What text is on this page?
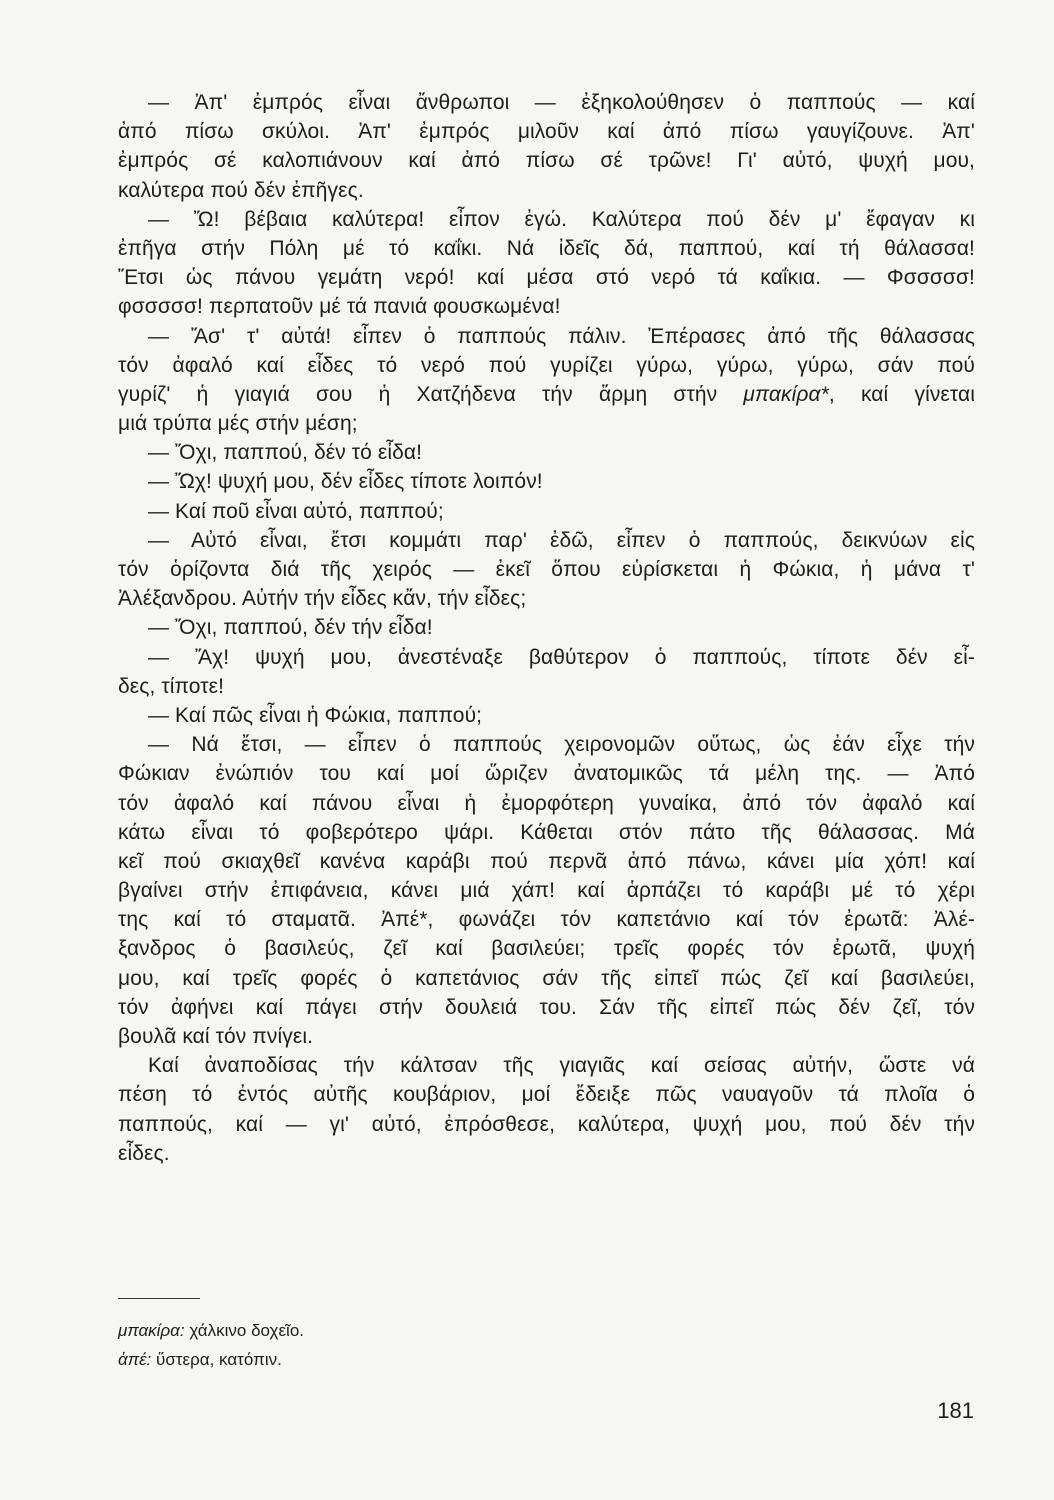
— Ἀπ' ἐμπρός εἶναι ἄνθρωποι — ἐξηκολούθησεν ὁ παππούς — καί
ἀπό πίσω σκύλοι. Ἀπ' ἐμπρός μιλοῦν καί ἀπό πίσω γαυγίζουνε. Ἀπ'
ἐμπρός σέ καλοπιάνουν καί ἀπό πίσω σέ τρῶνε! Γι' αὐτό, ψυχή μου,
καλύτερα πού δέν ἐπῆγες.
— Ὤ! βέβαια καλύτερα! εἶπον ἐγώ. Καλύτερα πού δέν μ' ἔφαγαν κι
ἐπῆγα στήν Πόλη μέ τό καΐκι. Νά ἰδεῖς δά, παππού, καί τή θάλασσα!
Ἔτσι ὡς πάνου γεμάτη νερό! καί μέσα στό νερό τά καΐκια. — Φσσσσσ!
φσσσσσ! περπατοῦν μέ τά πανιά φουσκωμένα!
— Ἄσ' τ' αὐτά! εἶπεν ὁ παππούς πάλιν. Ἐπέρασες ἀπό τῆς θάλασσας
τόν ἀφαλό καί εἶδες τό νερό πού γυρίζει γύρω, γύρω, γύρω, σάν πού
γυρίζ' ἡ γιαγιά σου ἡ Χατζήδενα τήν ἅρμη στήν μπακίρα*, καί γίνεται
μιά τρύπα μές στήν μέση;
— Ὄχι, παππού, δέν τό εἶδα!
— Ὤχ! ψυχή μου, δέν εἶδες τίποτε λοιπόν!
— Καί ποῦ εἶναι αὐτό, παππού;
— Αὐτό εἶναι, ἔτσι κομμάτι παρ' ἐδῶ, εἶπεν ὁ παππούς, δεικνύων εἰς
τόν ὁρίζοντα διά τῆς χειρός — ἐκεῖ ὅπου εὑρίσκεται ἡ Φώκια, ἡ μάνα τ'
Ἀλέξανδρου. Αὐτήν τήν εἶδες κἄν, τήν εἶδες;
— Ὄχι, παππού, δέν τήν εἶδα!
— Ἄχ! ψυχή μου, ἀνεστέναξε βαθύτερον ὁ παππούς, τίποτε δέν εἶ-
δες, τίποτε!
— Καί πῶς εἶναι ἡ Φώκια, παππού;
— Νά ἔτσι, — εἶπεν ὁ παππούς χειρονομῶν οὕτως, ὡς ἐάν εἶχε τήν
Φώκιαν ἐνώπιόν του καί μοί ὥριζεν ἀνατομικῶς τά μέλη της. — Ἀπό
τόν ἀφαλό καί πάνου εἶναι ἡ ἐμορφότερη γυναίκα, ἀπό τόν ἀφαλό καί
κάτω εἶναι τό φοβερότερο ψάρι. Κάθεται στόν πάτο τῆς θάλασσας. Μά
κεῖ πού σκιαχθεῖ κανένα καράβι πού περνᾶ ἀπό πάνω, κάνει μία χόπ! καί
βγαίνει στήν ἐπιφάνεια, κάνει μιά χάπ! καί ἁρπάζει τό καράβι μέ τό χέρι
της καί τό σταματᾶ. Ἀπέ*, φωνάζει τόν καπετάνιο καί τόν ἐρωτᾶ: Ἀλέ-
ξανδρος ὁ βασιλεύς, ζεῖ καί βασιλεύει; τρεῖς φορές τόν ἐρωτᾶ, ψυχή
μου, καί τρεῖς φορές ὁ καπετάνιος σάν τῆς εἰπεῖ πώς ζεῖ καί βασιλεύει,
τόν ἀφήνει καί πάγει στήν δουλειά του. Σάν τῆς εἰπεῖ πώς δέν ζεῖ, τόν
βουλᾶ καί τόν πνίγει.
Καί ἀναποδίσας τήν κάλτσαν τῆς γιαγιᾶς καί σείσας αὐτήν, ὥστε νά
πέση τό ἐντός αὐτῆς κουβάριον, μοί ἔδειξε πῶς ναυαγοῦν τά πλοῖα ὁ
παππούς, καί — γι' αὐτό, ἐπρόσθεσε, καλύτερα, ψυχή μου, πού δέν τήν
εἶδες.
μπακίρα: χάλκινο δοχεῖο.
ἀπέ: ὕστερα, κατόπιν.
181
